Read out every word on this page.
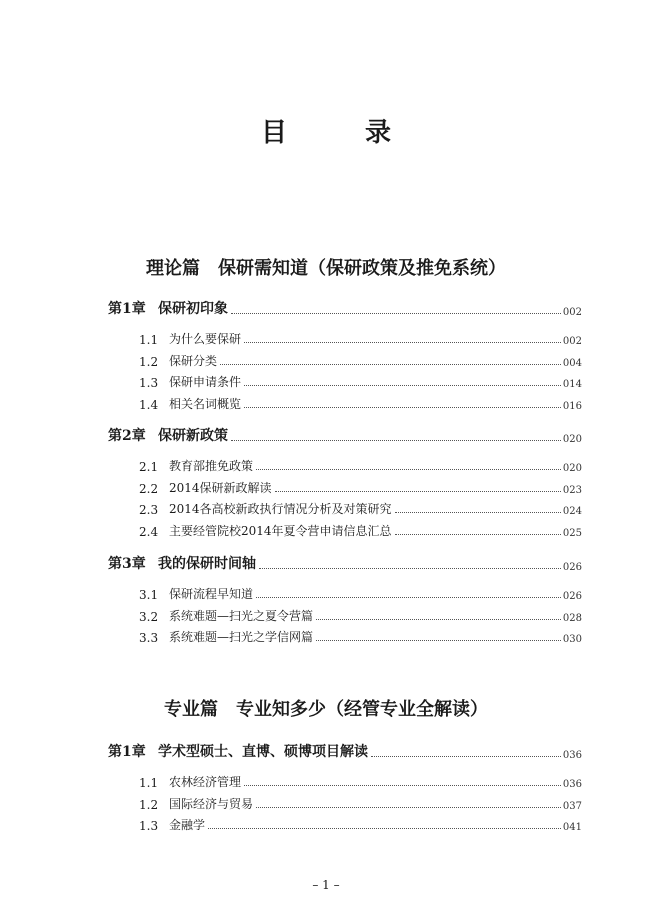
目　录
理论篇 保研需知道（保研政策及推免系统）
第1章 保研初印象	002
1.1 为什么要保研	002
1.2 保研分类	004
1.3 保研申请条件	014
1.4 相关名词概览	016
第2章 保研新政策	020
2.1 教育部推免政策	020
2.2 2014保研新政解读	023
2.3 2014各高校新政执行情况分析及对策研究	024
2.4 主要经管院校2014年夏令营申请信息汇总	025
第3章 我的保研时间轴	026
3.1 保研流程早知道	026
3.2 系统难题—扫光之夏令营篇	028
3.3 系统难题—扫光之学信网篇	030
专业篇 专业知多少（经管专业全解读）
第1章 学术型硕士、直博、硕博项目解读	036
1.1 农林经济管理	036
1.2 国际经济与贸易	037
1.3 金融学	041
– 1 –
